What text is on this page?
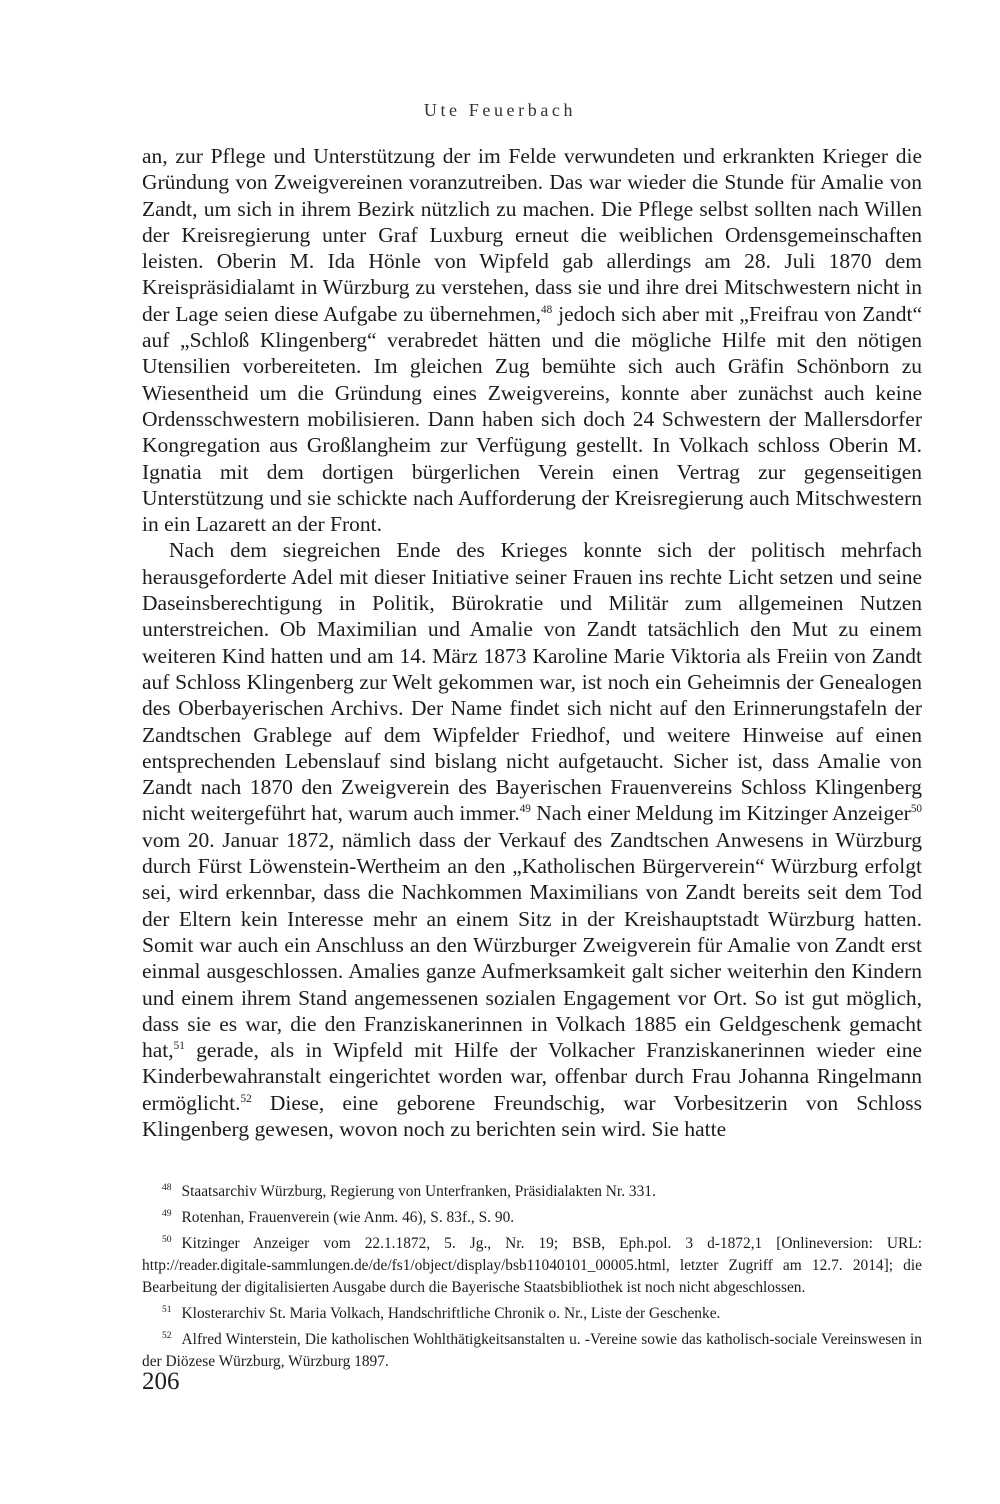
Ute Feuerbach

an, zur Pflege und Unterstützung der im Felde verwundeten und erkrankten Krieger die Gründung von Zweigvereinen voranzutreiben. Das war wieder die Stunde für Amalie von Zandt, um sich in ihrem Bezirk nützlich zu machen. Die Pflege selbst sollten nach Willen der Kreisregierung unter Graf Luxburg erneut die weiblichen Ordensgemeinschaften leisten. Oberin M. Ida Hönle von Wipfeld gab allerdings am 28. Juli 1870 dem Kreispräsidialamt in Würzburg zu verstehen, dass sie und ihre drei Mitschwestern nicht in der Lage seien diese Aufgabe zu übernehmen,$^{48}$ jedoch sich aber mit „Freifrau von Zandt“ auf „Schloß Klingenberg“ verabredet hätten und die mögliche Hilfe mit den nötigen Utensilien vorbereiteten. Im gleichen Zug bemühte sich auch Gräfin Schönborn zu Wiesentheid um die Gründung eines Zweigvereins, konnte aber zunächst auch keine Ordensschwestern mobilisieren. Dann haben sich doch 24 Schwestern der Mallersdorfer Kongregation aus Großlangheim zur Verfügung gestellt. In Volkach schloss Oberin M. Ignatia mit dem dortigen bürgerlichen Verein einen Vertrag zur gegenseitigen Unterstützung und sie schickte nach Aufforderung der Kreisregierung auch Mitschwestern in ein Lazarett an der Front.

Nach dem siegreichen Ende des Krieges konnte sich der politisch mehrfach herausgeforderte Adel mit dieser Initiative seiner Frauen ins rechte Licht setzen und seine Daseinsberechtigung in Politik, Bürokratie und Militär zum allgemeinen Nutzen unterstreichen. Ob Maximilian und Amalie von Zandt tatsächlich den Mut zu einem weiteren Kind hatten und am 14. März 1873 Karoline Marie Viktoria als Freiin von Zandt auf Schloss Klingenberg zur Welt gekommen war, ist noch ein Geheimnis der Genealogen des Oberbayerischen Archivs. Der Name findet sich nicht auf den Erinnerungstafeln der Zandtschen Grablege auf dem Wipfelder Friedhof, und weitere Hinweise auf einen entsprechenden Lebenslauf sind bislang nicht aufgetaucht. Sicher ist, dass Amalie von Zandt nach 1870 den Zweigverein des Bayerischen Frauenvereins Schloss Klingenberg nicht weitergeführt hat, warum auch immer.$^{49}$ Nach einer Meldung im Kitzinger Anzeiger$^{50}$ vom 20. Januar 1872, nämlich dass der Verkauf des Zandtschen Anwesens in Würzburg durch Fürst Löwenstein-Wertheim an den „Katholischen Bürgerverein“ Würzburg erfolgt sei, wird erkennbar, dass die Nachkommen Maximilians von Zandt bereits seit dem Tod der Eltern kein Interesse mehr an einem Sitz in der Kreishauptstadt Würzburg hatten. Somit war auch ein Anschluss an den Würzburger Zweigverein für Amalie von Zandt erst einmal ausgeschlossen. Amalies ganze Aufmerksamkeit galt sicher weiterhin den Kindern und einem ihrem Stand angemessenen sozialen Engagement vor Ort. So ist gut möglich, dass sie es war, die den Franziskanerinnen in Volkach 1885 ein Geldgeschenk gemacht hat,$^{51}$ gerade, als in Wipfeld mit Hilfe der Volkacher Franziskanerinnen wieder eine Kinderbewahranstalt eingerichtet worden war, offenbar durch Frau Johanna Ringelmann ermöglicht.$^{52}$ Diese, eine geborene Freundschig, war Vorbesitzerin von Schloss Klingenberg gewesen, wovon noch zu berichten sein wird. Sie hatte

$^{48}$ Staatsarchiv Würzburg, Regierung von Unterfranken, Präsidialakten Nr. 331.
$^{49}$ Rotenhan, Frauenverein (wie Anm. 46), S. 83f., S. 90.
$^{50}$ Kitzinger Anzeiger vom 22.1.1872, 5. Jg., Nr. 19; BSB, Eph.pol. 3 d-1872,1 [Onlineversion: URL: http://reader.digitale-sammlungen.de/de/fs1/object/display/bsb11040101_00005.html, letzter Zugriff am 12.7. 2014]; die Bearbeitung der digitalisierten Ausgabe durch die Bayerische Staatsbibliothek ist noch nicht abgeschlossen.
$^{51}$ Klosterarchiv St. Maria Volkach, Handschriftliche Chronik o. Nr., Liste der Geschenke.
$^{52}$ Alfred Winterstein, Die katholischen Wohlthätigkeitsanstalten u. -Vereine sowie das katholisch-sociale Vereinswesen in der Diözese Würzburg, Würzburg 1897.
206
